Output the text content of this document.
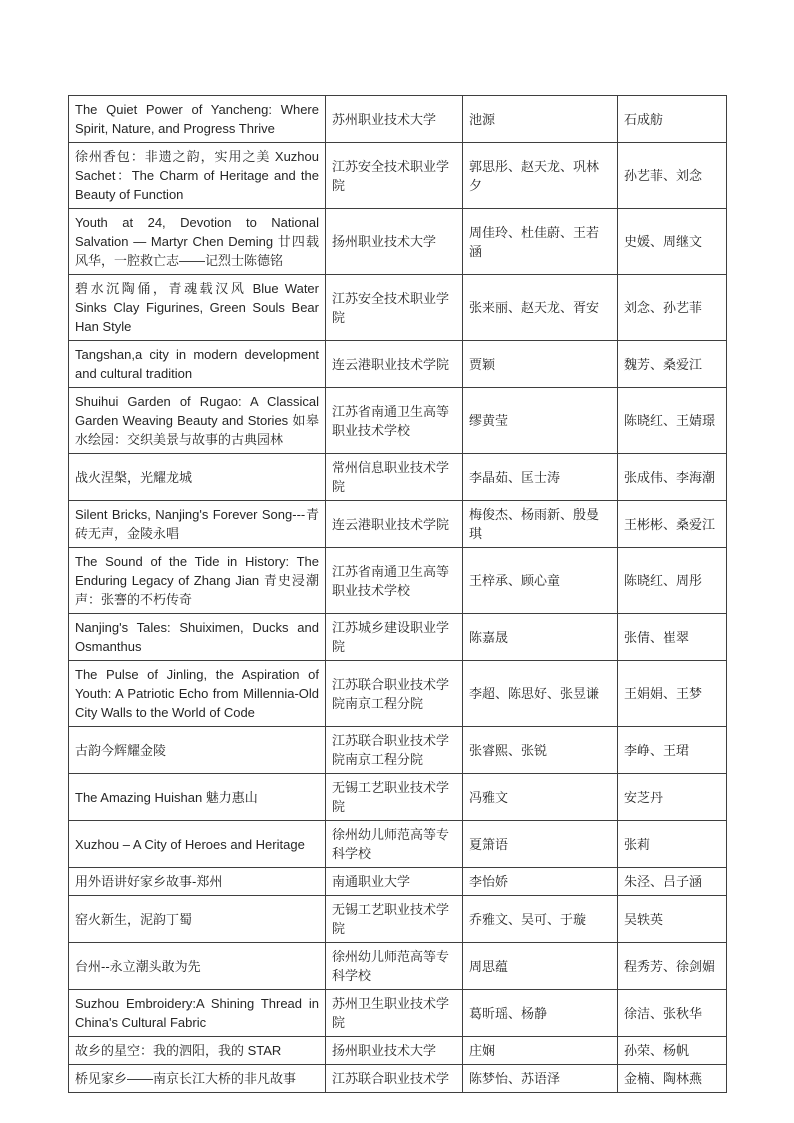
The Quiet Power of Yancheng: Where Spirit, Nature, and Progress Thrive	苏州职业技术大学	池源	石成舫
徐州香包：非遗之韵，实用之美 Xuzhou Sachet：The Charm of Heritage and the Beauty of Function	江苏安全技术职业学院	郭思彤、赵天龙、巩林夕	孙艺菲、刘念
Youth at 24, Devotion to National Salvation — Martyr Chen Deming 廿四载风华，一腔救亡志——记烈士陈德铭	扬州职业技术大学	周佳玲、杜佳蔚、王若涵	史媛、周继文
碧水沉陶俑，青魂载汉风 Blue Water Sinks Clay Figurines, Green Souls Bear Han Style	江苏安全技术职业学院	张来丽、赵天龙、胥安	刘念、孙艺菲
Tangshan,a city in modern development and cultural tradition	连云港职业技术学院	贾颖	魏芳、桑爱江
Shuihui Garden of Rugao: A Classical Garden Weaving Beauty and Stories 如皋水绘园：交织美景与故事的古典园林	江苏省南通卫生高等职业技术学校	缪黄莹	陈晓红、王婧璟
战火涅槃，光耀龙城	常州信息职业技术学院	李晶茹、匡士涛	张成伟、李海潮
Silent Bricks, Nanjing's Forever Song---青砖无声，金陵永唱	连云港职业技术学院	梅俊杰、杨雨新、殷曼琪	王彬彬、桑爱江
The Sound of the Tide in History: The Enduring Legacy of Zhang Jian 青史浸潮声：张謇的不朽传奇	江苏省南通卫生高等职业技术学校	王梓承、顾心童	陈晓红、周彤
Nanjing's Tales: Shuiximen, Ducks and Osmanthus	江苏城乡建设职业学院	陈嘉晟	张倩、崔翠
The Pulse of Jinling, the Aspiration of Youth: A Patriotic Echo from Millennia-Old City Walls to the World of Code	江苏联合职业技术学院南京工程分院	李超、陈思好、张昱谦	王娟娟、王梦
古韵今辉耀金陵	江苏联合职业技术学院南京工程分院	张睿熙、张锐	李峥、王珺
The Amazing Huishan 魅力惠山	无锡工艺职业技术学院	冯雅文	安芝丹
Xuzhou – A City of Heroes and Heritage	徐州幼儿师范高等专科学校	夏箫语	张莉
用外语讲好家乡故事-郑州	南通职业大学	李怡娇	朱泾、吕子涵
窑火新生，泥韵丁蜀	无锡工艺职业技术学院	乔雅文、吴可、于璇	吴轶英
台州--永立潮头敢为先	徐州幼儿师范高等专科学校	周思蕴	程秀芳、徐剑媚
Suzhou Embroidery:A Shining Thread in China's Cultural Fabric	苏州卫生职业技术学院	葛昕瑶、杨静	徐洁、张秋华
故乡的星空：我的泗阳，我的 STAR	扬州职业技术大学	庄娴	孙荣、杨帆
桥见家乡——南京长江大桥的非凡故事	江苏联合职业技术学	陈梦怡、苏语泽	金楠、陶林燕
